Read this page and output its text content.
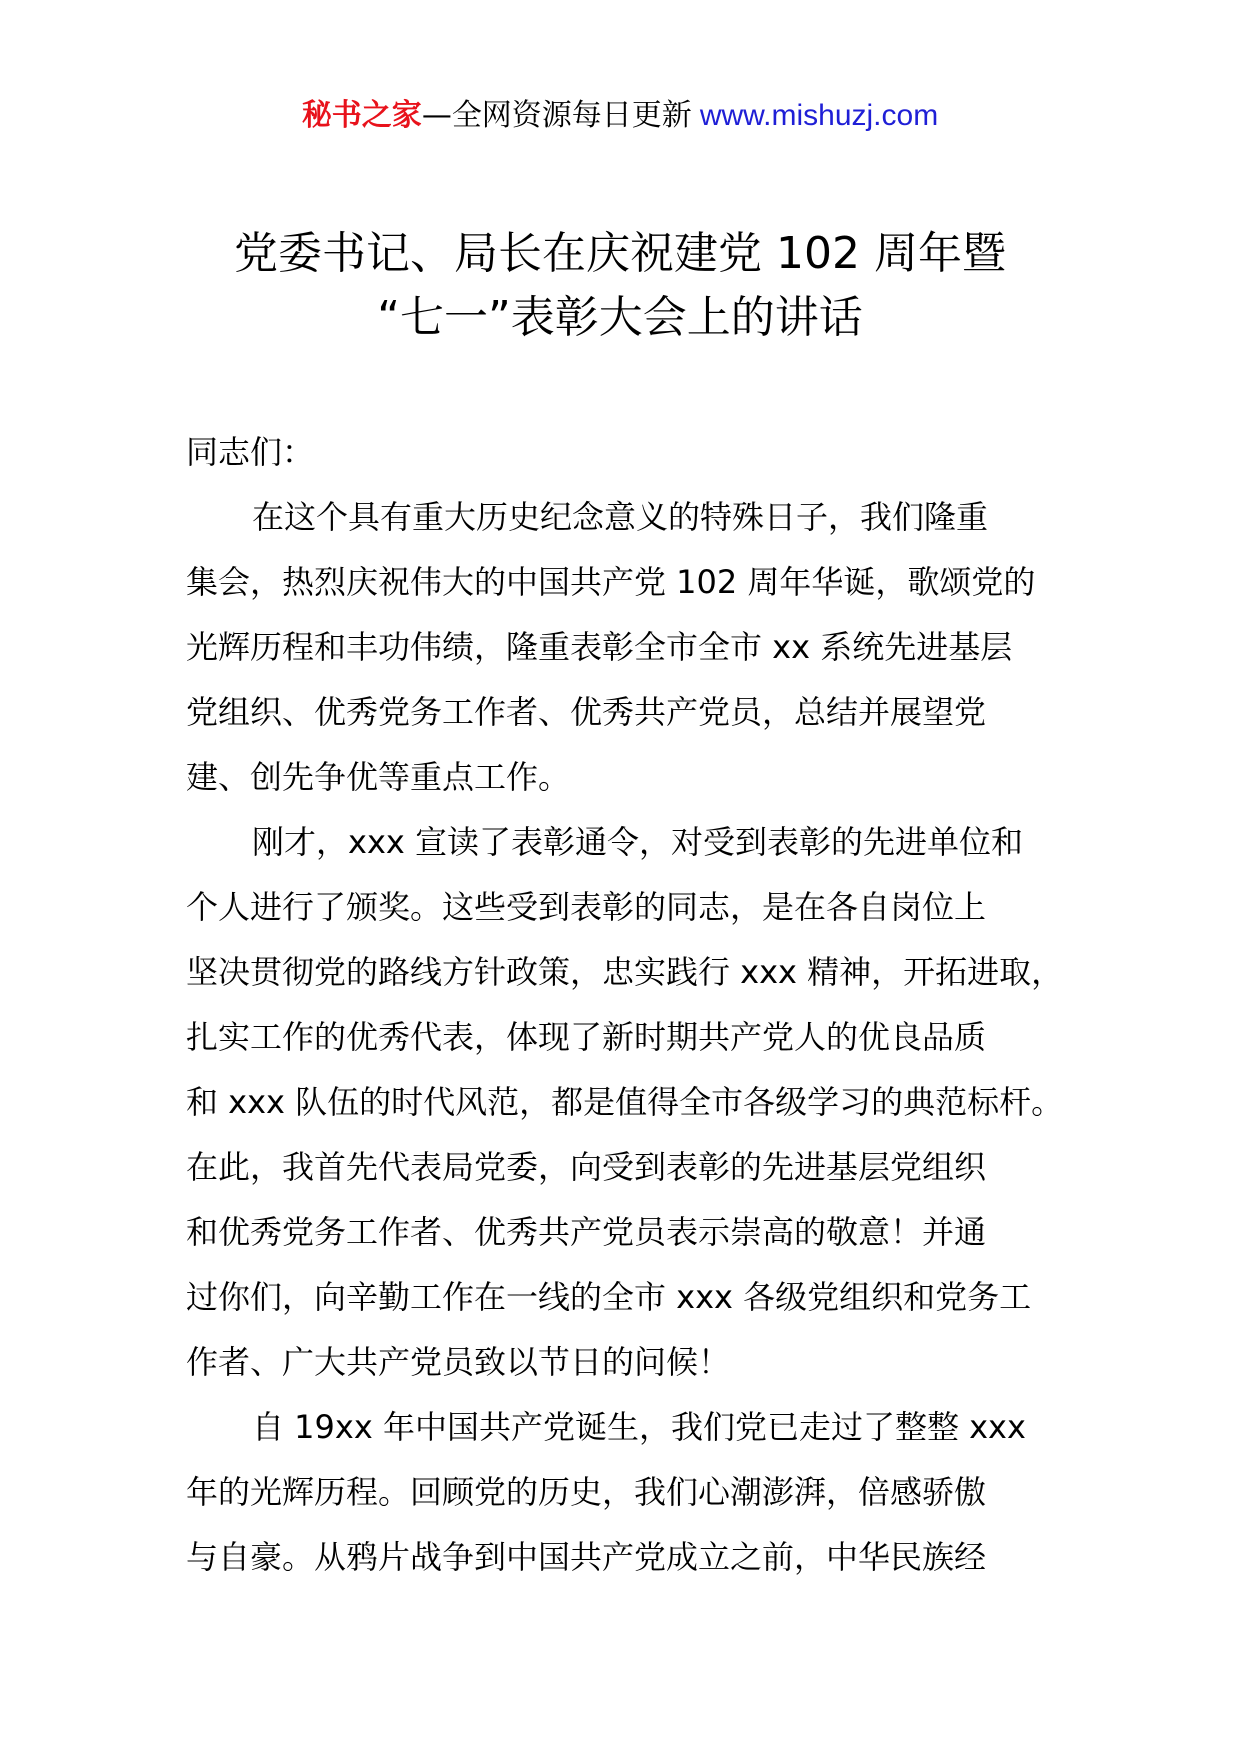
秘书之家—全网资源每日更新 www.mishuzj.com
党委书记、局长在庆祝建党 102 周年暨
“七一”表彰大会上的讲话
同志们：
在这个具有重大历史纪念意义的特殊日子，我们隆重
集会，热烈庆祝伟大的中国共产党 102 周年华诞，歌颂党的
光辉历程和丰功伟绩，隆重表彰全市全市 xx 系统先进基层
党组织、优秀党务工作者、优秀共产党员，总结并展望党
建、创先争优等重点工作。
刚才，xxx 宣读了表彰通令，对受到表彰的先进单位和
个人进行了颁奖。这些受到表彰的同志，是在各自岗位上
坚决贯彻党的路线方针政策，忠实践行 xxx 精神，开拓进取，
扎实工作的优秀代表，体现了新时期共产党人的优良品质
和 xxx 队伍的时代风范，都是值得全市各级学习的典范标杆。
在此，我首先代表局党委，向受到表彰的先进基层党组织
和优秀党务工作者、优秀共产党员表示崇高的敬意！并通
过你们，向辛勤工作在一线的全市 xxx 各级党组织和党务工
作者、广大共产党员致以节日的问候！
自 19xx 年中国共产党诞生，我们党已走过了整整 xxx
年的光辉历程。回顾党的历史，我们心潮澎湃，倍感骄傲
与自豪。从鸦片战争到中国共产党成立之前，中华民族经
